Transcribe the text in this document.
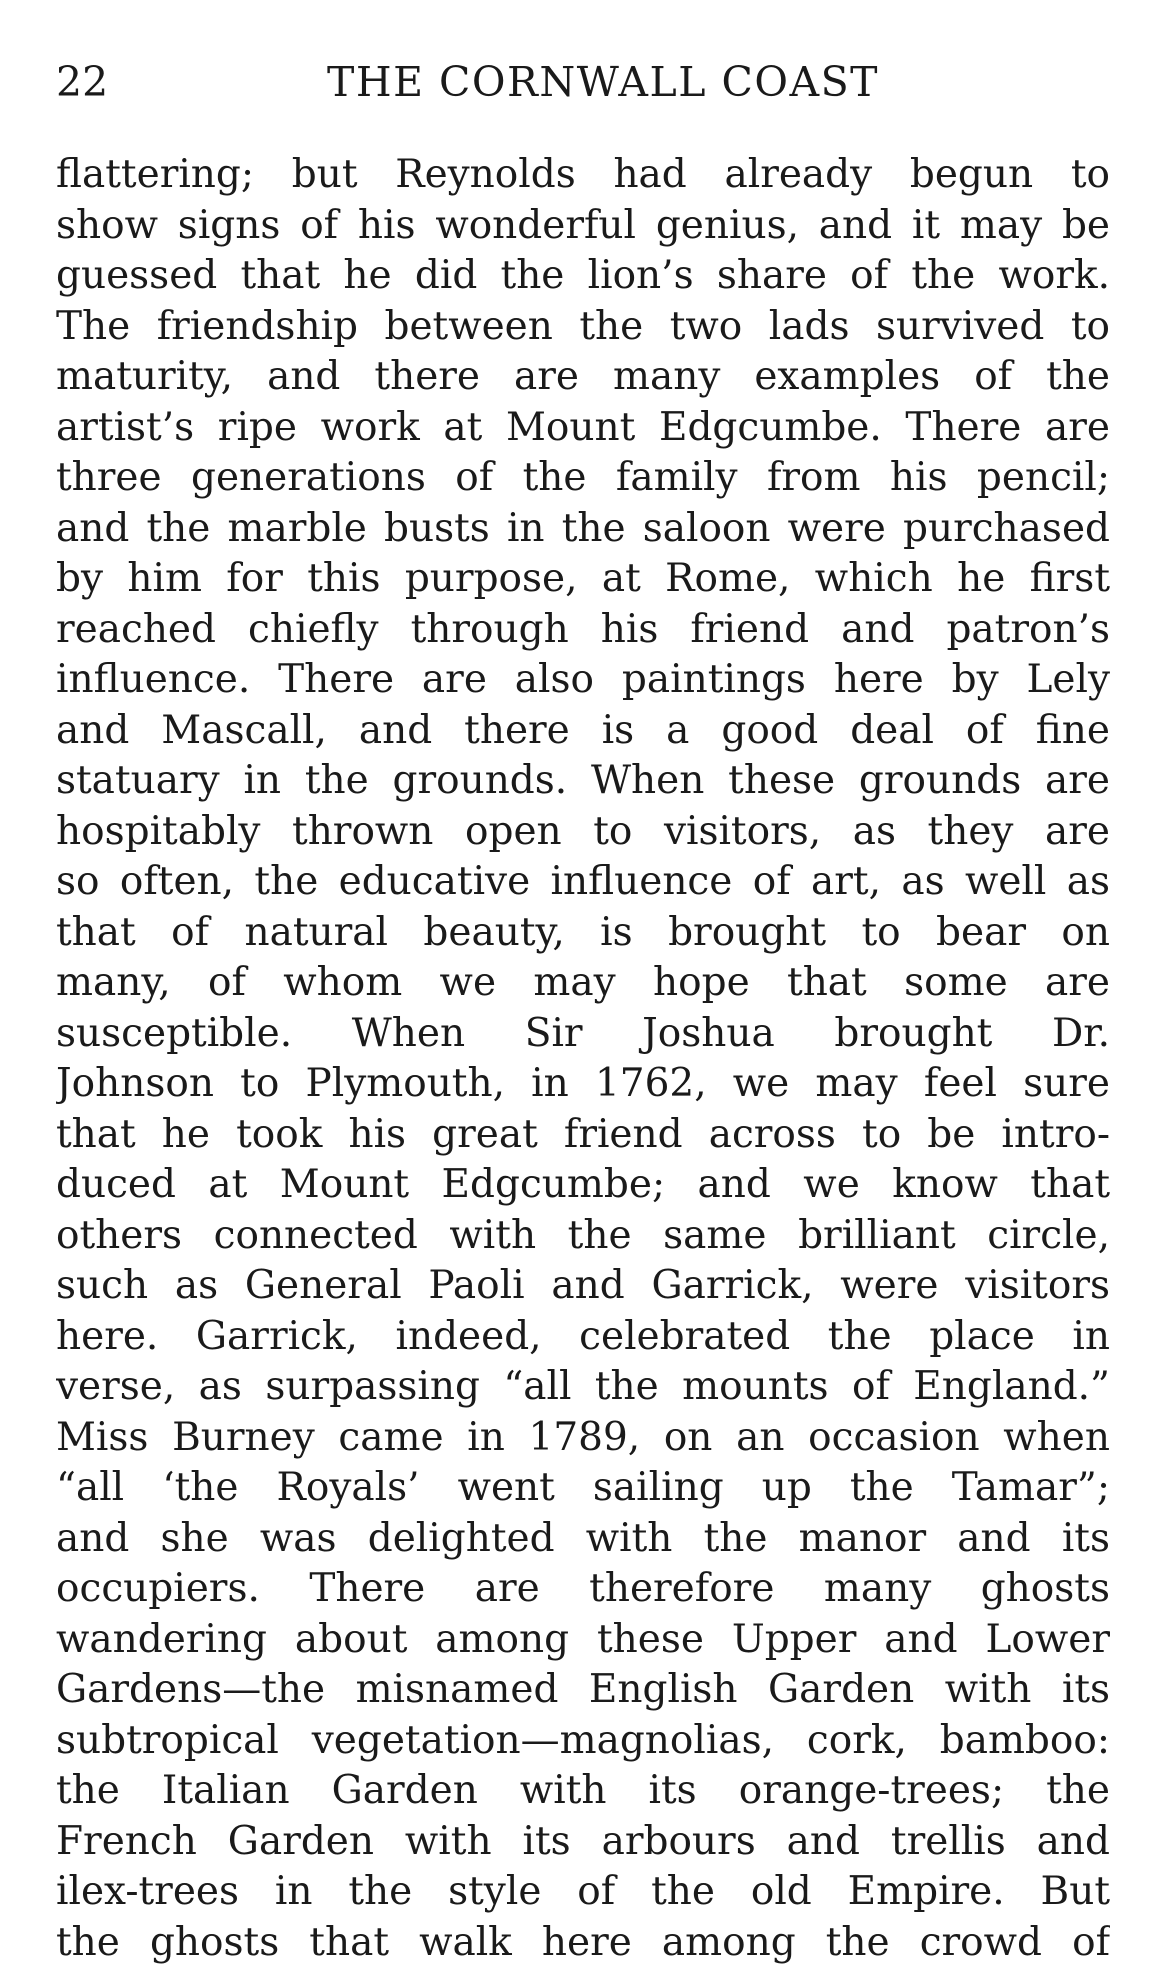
22	THE CORNWALL COAST
flattering; but Reynolds had already begun to
show signs of his wonderful genius, and it may be
guessed that he did the lion’s share of the work.
The friendship between the two lads survived to
maturity, and there are many examples of the
artist’s ripe work at Mount Edgcumbe. There are
three generations of the family from his pencil;
and the marble busts in the saloon were purchased
by him for this purpose, at Rome, which he first
reached chiefly through his friend and patron’s
influence. There are also paintings here by Lely
and Mascall, and there is a good deal of fine
statuary in the grounds. When these grounds are
hospitably thrown open to visitors, as they are
so often, the educative influence of art, as well as
that of natural beauty, is brought to bear on
many, of whom we may hope that some are
susceptible. When Sir Joshua brought Dr.
Johnson to Plymouth, in 1762, we may feel sure
that he took his great friend across to be intro-
duced at Mount Edgcumbe; and we know that
others connected with the same brilliant circle,
such as General Paoli and Garrick, were visitors
here. Garrick, indeed, celebrated the place in
verse, as surpassing “all the mounts of England.”
Miss Burney came in 1789, on an occasion when
“all ‘the Royals’ went sailing up the Tamar”;
and she was delighted with the manor and its
occupiers. There are therefore many ghosts
wandering about among these Upper and Lower
Gardens—the misnamed English Garden with its
subtropical vegetation—magnolias, cork, bamboo:
the Italian Garden with its orange-trees; the
French Garden with its arbours and trellis and
ilex-trees in the style of the old Empire. But
the ghosts that walk here among the crowd of
